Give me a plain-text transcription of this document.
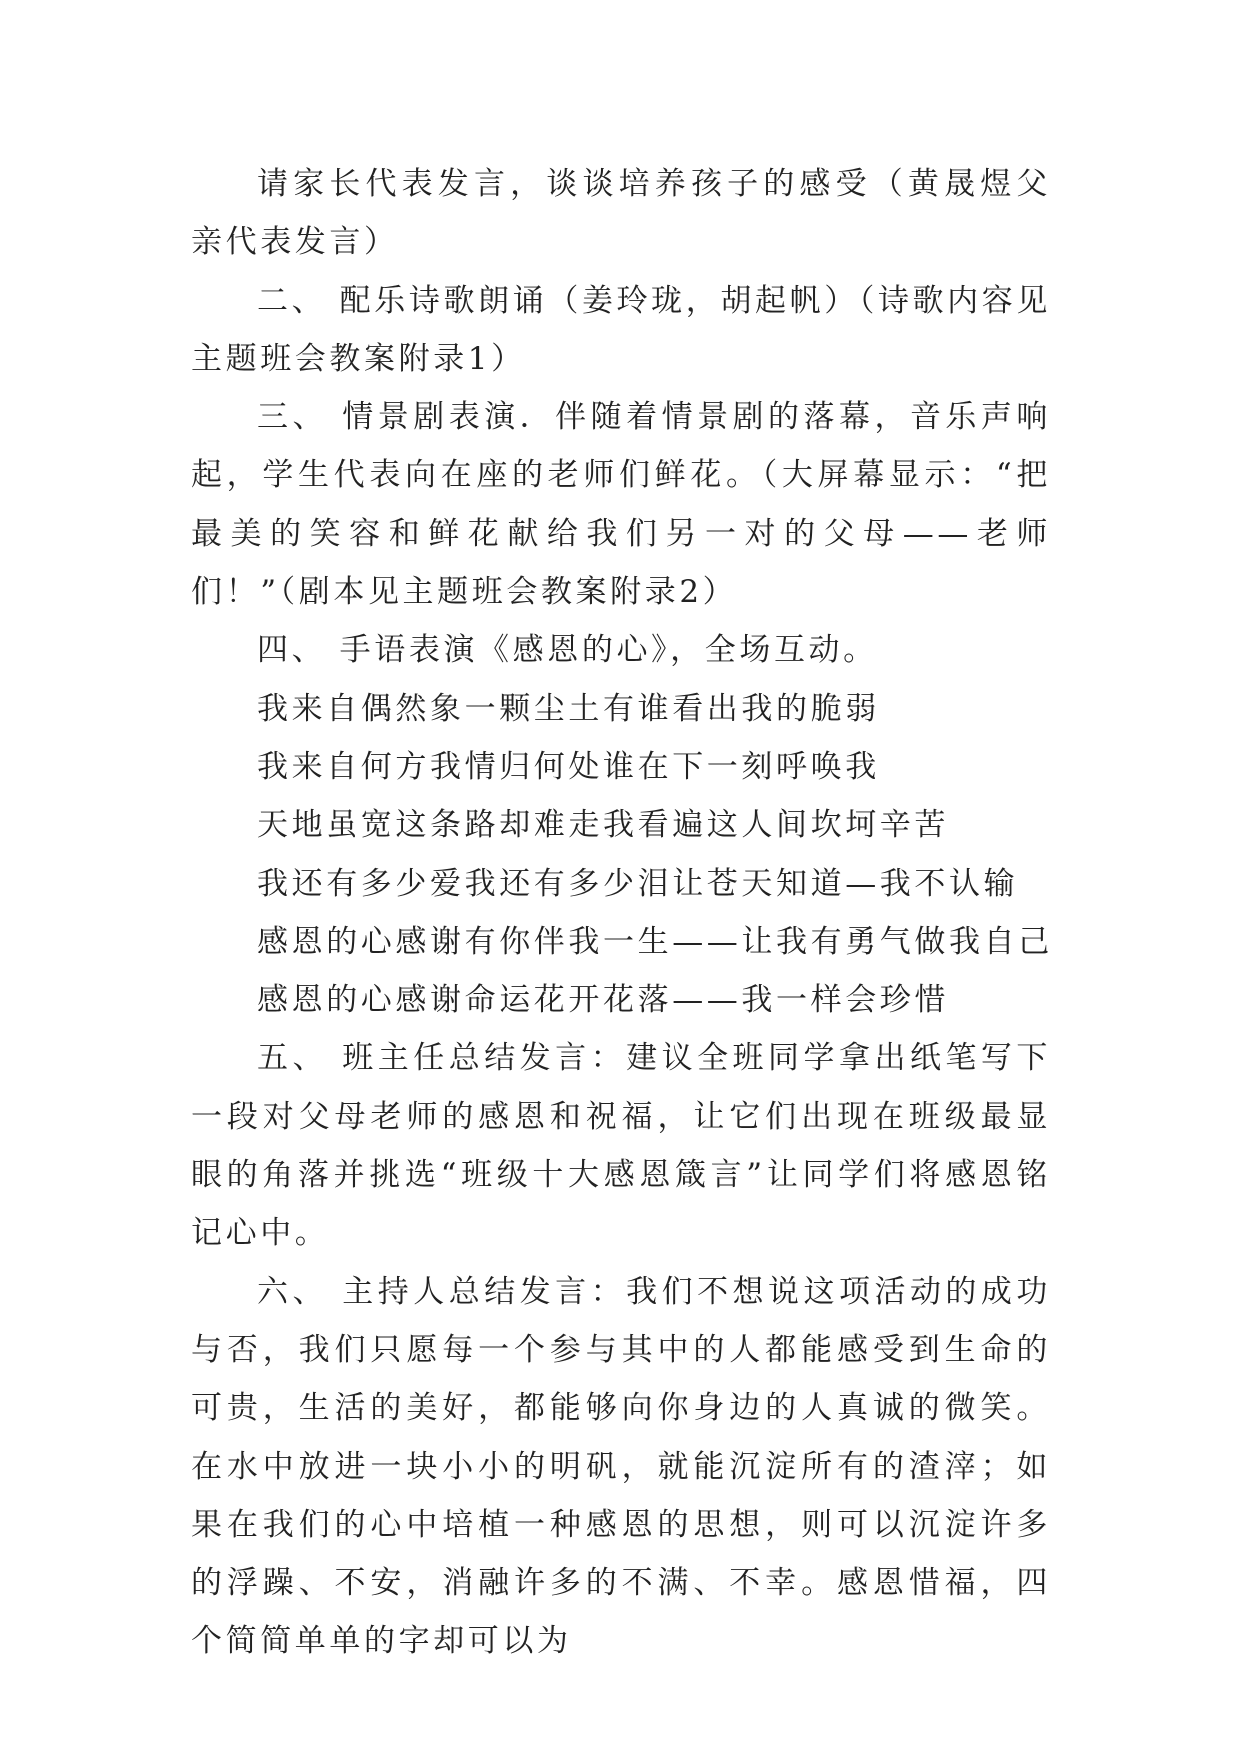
请家长代表发言，谈谈培养孩子的感受（黄晟煜父亲代表发言）

二、 配乐诗歌朗诵（姜玲珑，胡起帆）（诗歌内容见主题班会教案附录1）

三、 情景剧表演．伴随着情景剧的落幕，音乐声响起，学生代表向在座的老师们鲜花。（大屏幕显示：“把最美的笑容和鲜花献给我们另一对的父母——老师们！”（剧本见主题班会教案附录2）

四、 手语表演《感恩的心》，全场互动。

我来自偶然象一颗尘土有谁看出我的脆弱

我来自何方我情归何处谁在下一刻呼唤我

天地虽宽这条路却难走我看遍这人间坎坷辛苦

我还有多少爱我还有多少泪让苍天知道—我不认输

感恩的心感谢有你伴我一生——让我有勇气做我自己

感恩的心感谢命运花开花落——我一样会珍惜

五、 班主任总结发言：建议全班同学拿出纸笔写下一段对父母老师的感恩和祝福，让它们出现在班级最显眼的角落并挑选“班级十大感恩箴言”让同学们将感恩铭记心中。

六、 主持人总结发言：我们不想说这项活动的成功与否，我们只愿每一个参与其中的人都能感受到生命的可贵，生活的美好，都能够向你身边的人真诚的微笑。在水中放进一块小小的明矾，就能沉淀所有的渣滓；如果在我们的心中培植一种感恩的思想，则可以沉淀许多的浮躁、不安，消融许多的不满、不幸。感恩惜福，四个简简单单的字却可以为
